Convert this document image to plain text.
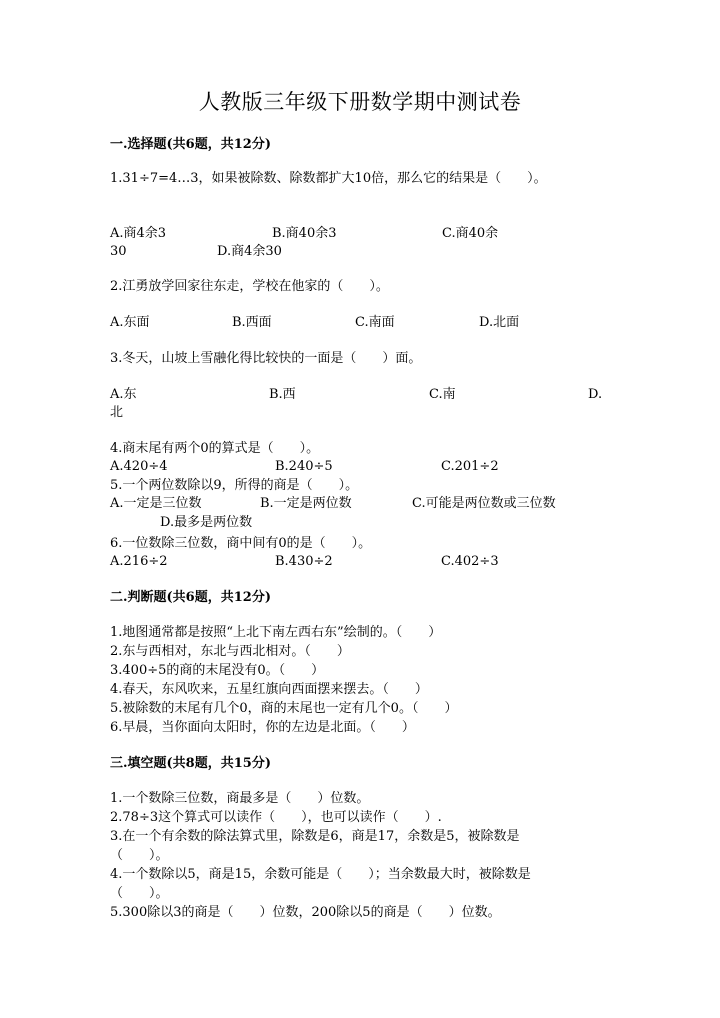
人教版三年级下册数学期中测试卷
一.选择题(共6题，共12分)
1.31÷7=4…3，如果被除数、除数都扩大10倍，那么它的结果是（　　）。
A.商4余3	B.商40余3	C.商40余
30	D.商4余30
2.江勇放学回家往东走，学校在他家的（　　）。
A.东面	B.西面	C.南面	D.北面
3.冬天，山坡上雪融化得比较快的一面是（　　）面。
A.东	B.西	C.南	D.
北
4.商末尾有两个0的算式是（　　）。
A.420÷4	B.240÷5	C.201÷2
5.一个两位数除以9，所得的商是（　　）。
A.一定是三位数	B.一定是两位数	C.可能是两位数或三位数
D.最多是两位数
6.一位数除三位数，商中间有0的是（　　）。
A.216÷2	B.430÷2	C.402÷3
二.判断题(共6题，共12分)
1.地图通常都是按照“上北下南左西右东”绘制的。（　　）
2.东与西相对，东北与西北相对。（　　）
3.400÷5的商的末尾没有0。（　　）
4.春天，东风吹来，五星红旗向西面摆来摆去。（　　）
5.被除数的末尾有几个0，商的末尾也一定有几个0。（　　）
6.早晨，当你面向太阳时，你的左边是北面。（　　）
三.填空题(共8题，共15分)
1.一个数除三位数，商最多是（　　）位数。
2.78÷3这个算式可以读作（　　），也可以读作（　　）.
3.在一个有余数的除法算式里，除数是6，商是17，余数是5，被除数是
（　　）。
4.一个数除以5，商是15，余数可能是（　　）；当余数最大时，被除数是
（　　）。
5.300除以3的商是（　　）位数，200除以5的商是（　　）位数。
